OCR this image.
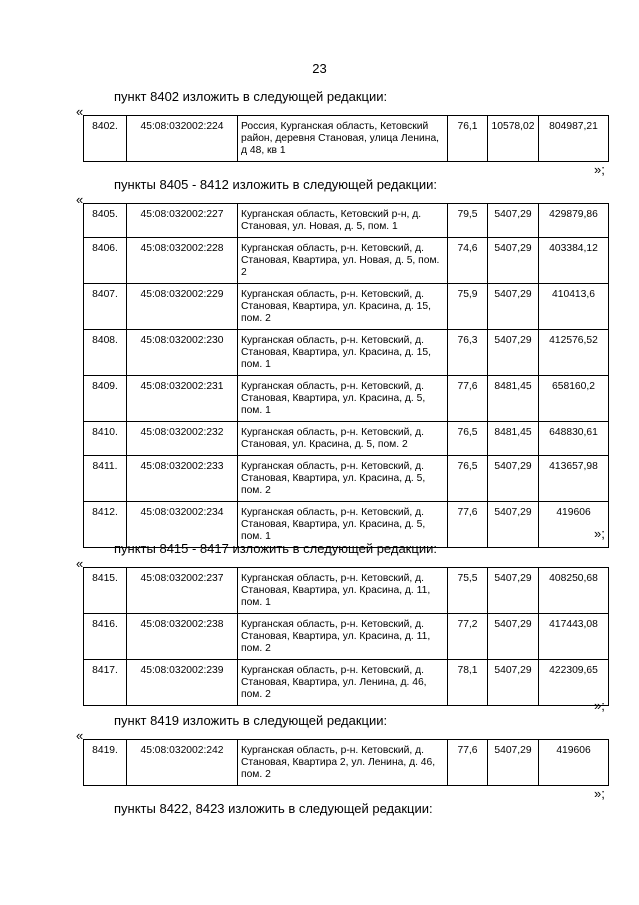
23
пункт 8402 изложить в следующей редакции:
«
8402.	45:08:032002:224	Россия, Курганская область, Кетовский район, деревня Становая, улица Ленина, д 48, кв 1	76,1	10578,02	804987,21
»;
пункты 8405 - 8412 изложить в следующей редакции:
«
8405.	45:08:032002:227	Курганская область, Кетовский р-н, д. Становая, ул. Новая, д. 5, пом. 1	79,5	5407,29	429879,86
8406.	45:08:032002:228	Курганская область, р-н. Кетовский, д. Становая, Квартира, ул. Новая, д. 5, пом. 2	74,6	5407,29	403384,12
8407.	45:08:032002:229	Курганская область, р-н. Кетовский, д. Становая, Квартира, ул. Красина, д. 15, пом. 2	75,9	5407,29	410413,6
8408.	45:08:032002:230	Курганская область, р-н. Кетовский, д. Становая, Квартира, ул. Красина, д. 15, пом. 1	76,3	5407,29	412576,52
8409.	45:08:032002:231	Курганская область, р-н. Кетовский, д. Становая, Квартира, ул. Красина, д. 5, пом. 1	77,6	8481,45	658160,2
8410.	45:08:032002:232	Курганская область, р-н. Кетовский, д. Становая, ул. Красина, д. 5, пом. 2	76,5	8481,45	648830,61
8411.	45:08:032002:233	Курганская область, р-н. Кетовский, д. Становая, Квартира, ул. Красина, д. 5, пом. 2	76,5	5407,29	413657,98
8412.	45:08:032002:234	Курганская область, р-н. Кетовский, д. Становая, Квартира, ул. Красина, д. 5, пом. 1	77,6	5407,29	419606
»;
пункты 8415 - 8417 изложить в следующей редакции:
«
8415.	45:08:032002:237	Курганская область, р-н. Кетовский, д. Становая, Квартира, ул. Красина, д. 11, пом. 1	75,5	5407,29	408250,68
8416.	45:08:032002:238	Курганская область, р-н. Кетовский, д. Становая, Квартира, ул. Красина, д. 11, пом. 2	77,2	5407,29	417443,08
8417.	45:08:032002:239	Курганская область, р-н. Кетовский, д. Становая, Квартира, ул. Ленина, д. 46, пом. 2	78,1	5407,29	422309,65
»;
пункт 8419 изложить в следующей редакции:
«
8419.	45:08:032002:242	Курганская область, р-н. Кетовский, д. Становая, Квартира 2, ул. Ленина, д. 46, пом. 2	77,6	5407,29	419606
»;
пункты 8422, 8423 изложить в следующей редакции:
